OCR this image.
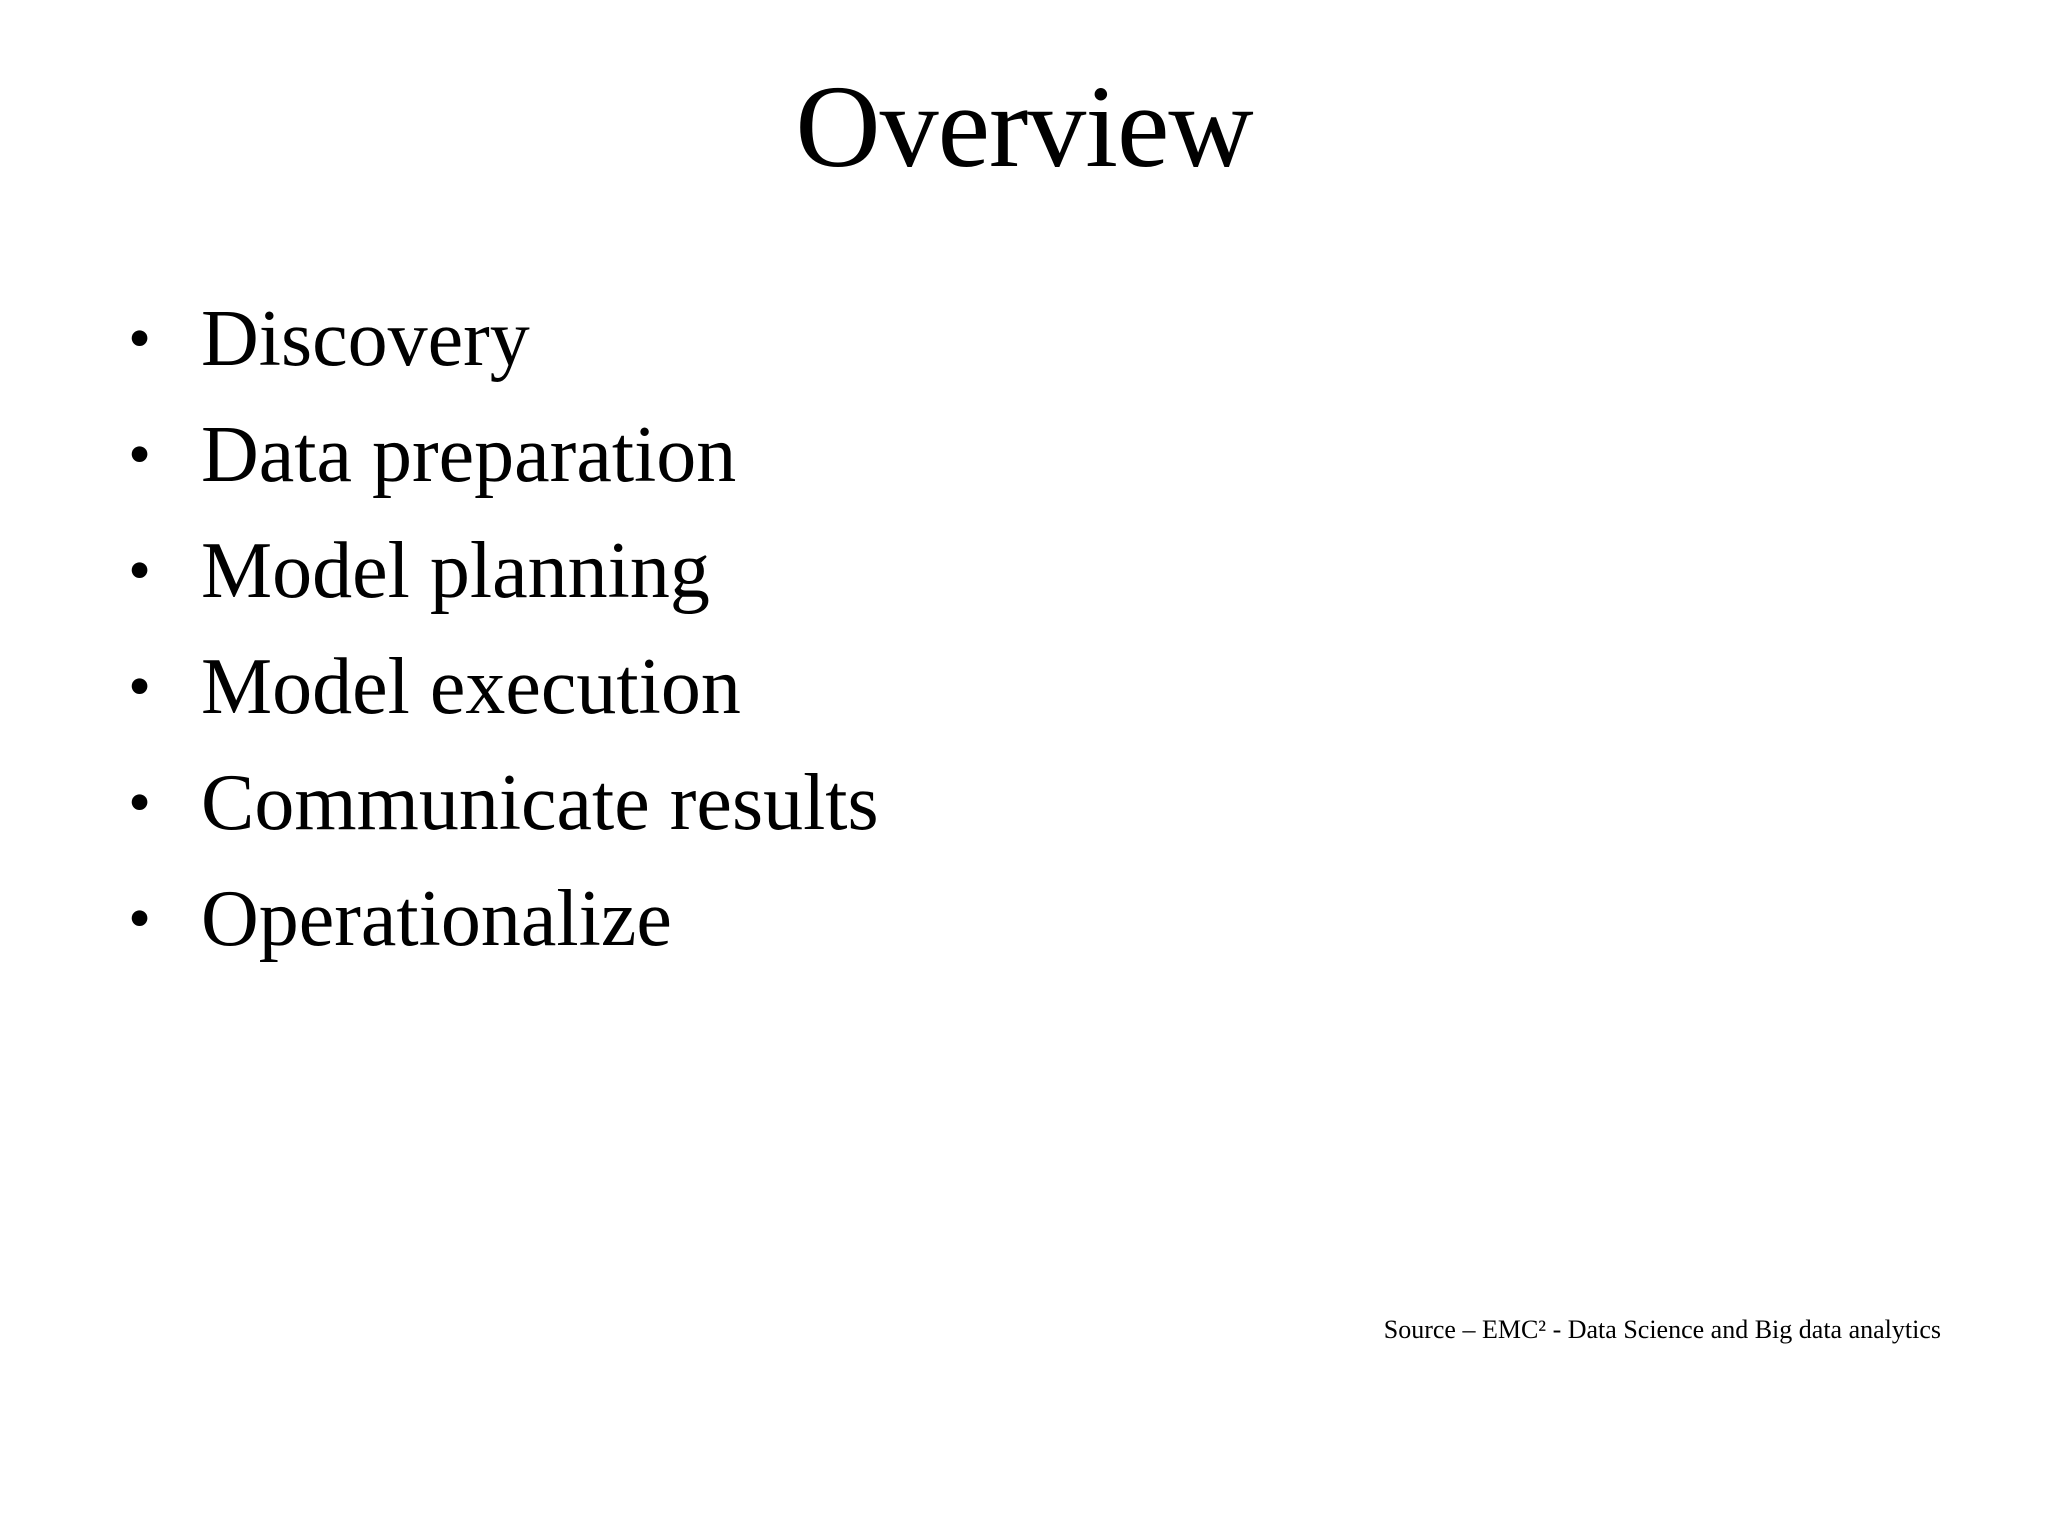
Overview
• Discovery
• Data preparation
• Model planning
• Model execution
• Communicate results
• Operationalize
Source – EMC² - Data Science and Big data analytics
